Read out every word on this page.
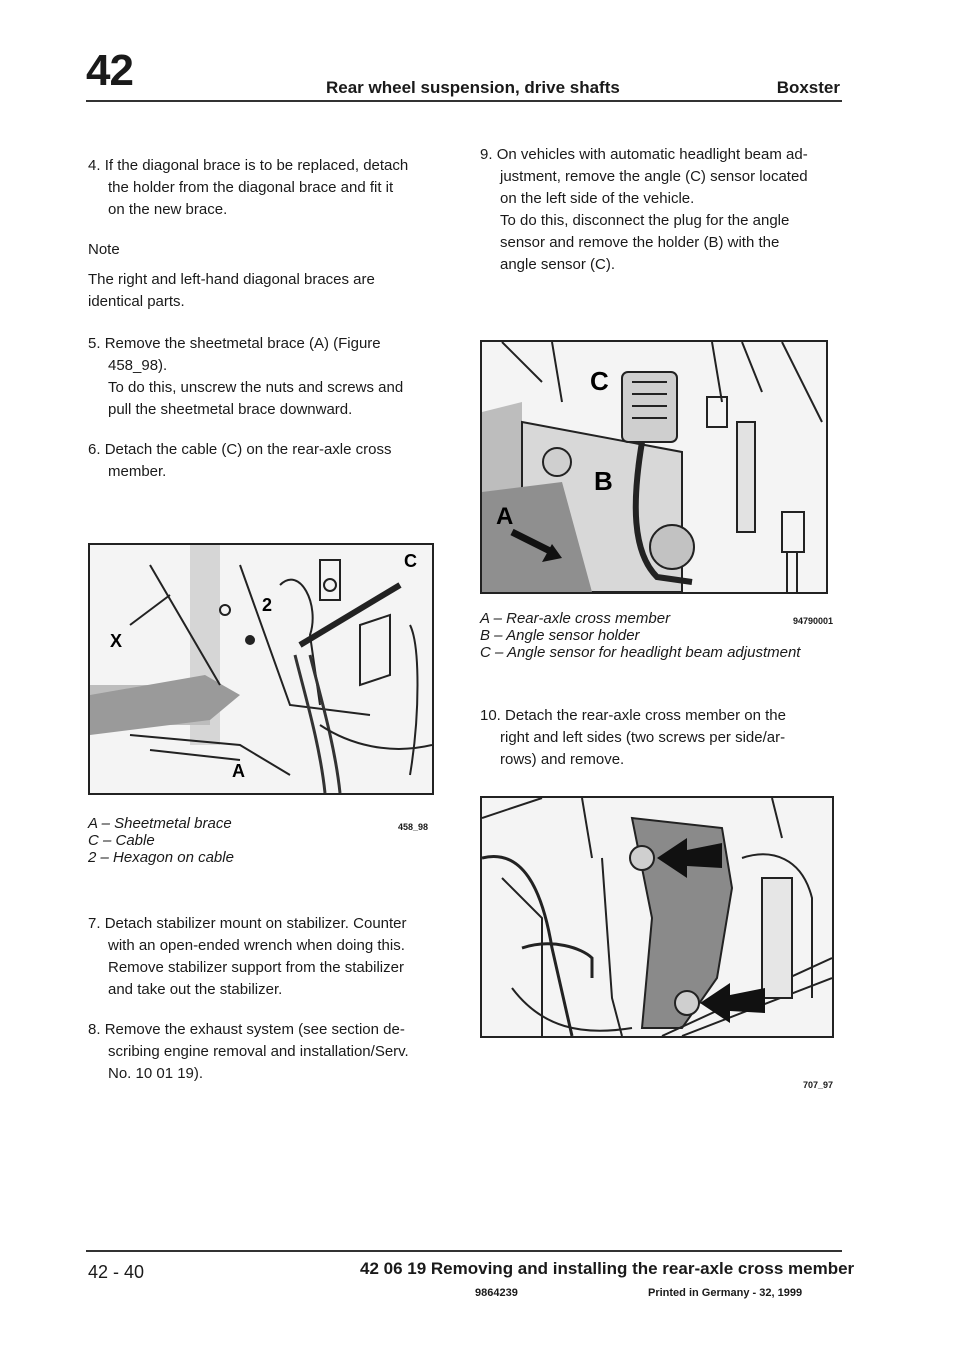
42	Rear wheel suspension, drive shafts	Boxster

4. If the diagonal brace is to be replaced, detach

the holder from the diagonal brace and fit it

on the new brace.

Note

The right and left-hand diagonal braces are

identical parts.

5. Remove the sheetmetal brace (A) (Figure

458_98).

To do this, unscrew the nuts and screws and

pull the sheetmetal brace downward.

6. Detach the cable (C) on the rear-axle cross

member.

C
X
2
A
A – Sheetmetal brace
C – Cable
2 – Hexagon on cable
458_98

7. Detach stabilizer mount on stabilizer. Counter

with an open-ended wrench when doing this.

Remove stabilizer support from the stabilizer

and take out the stabilizer.

8. Remove the exhaust system (see section de-

scribing engine removal and installation/Serv.

No. 10 01 19).

9. On vehicles with automatic headlight beam ad-

justment, remove the angle (C) sensor located

on the left side of the vehicle.

To do this, disconnect the plug for the angle

sensor and remove the holder (B) with the

angle sensor (C).

C
B
A
A – Rear-axle cross member
B – Angle sensor holder
C – Angle sensor for headlight beam adjustment
94790001

10. Detach the rear-axle cross member on the

right and left sides (two screws per side/ar-

rows) and remove.

707_97
42 - 40	42 06 19 Removing and installing the rear-axle cross member
9864239	Printed in Germany - 32, 1999
